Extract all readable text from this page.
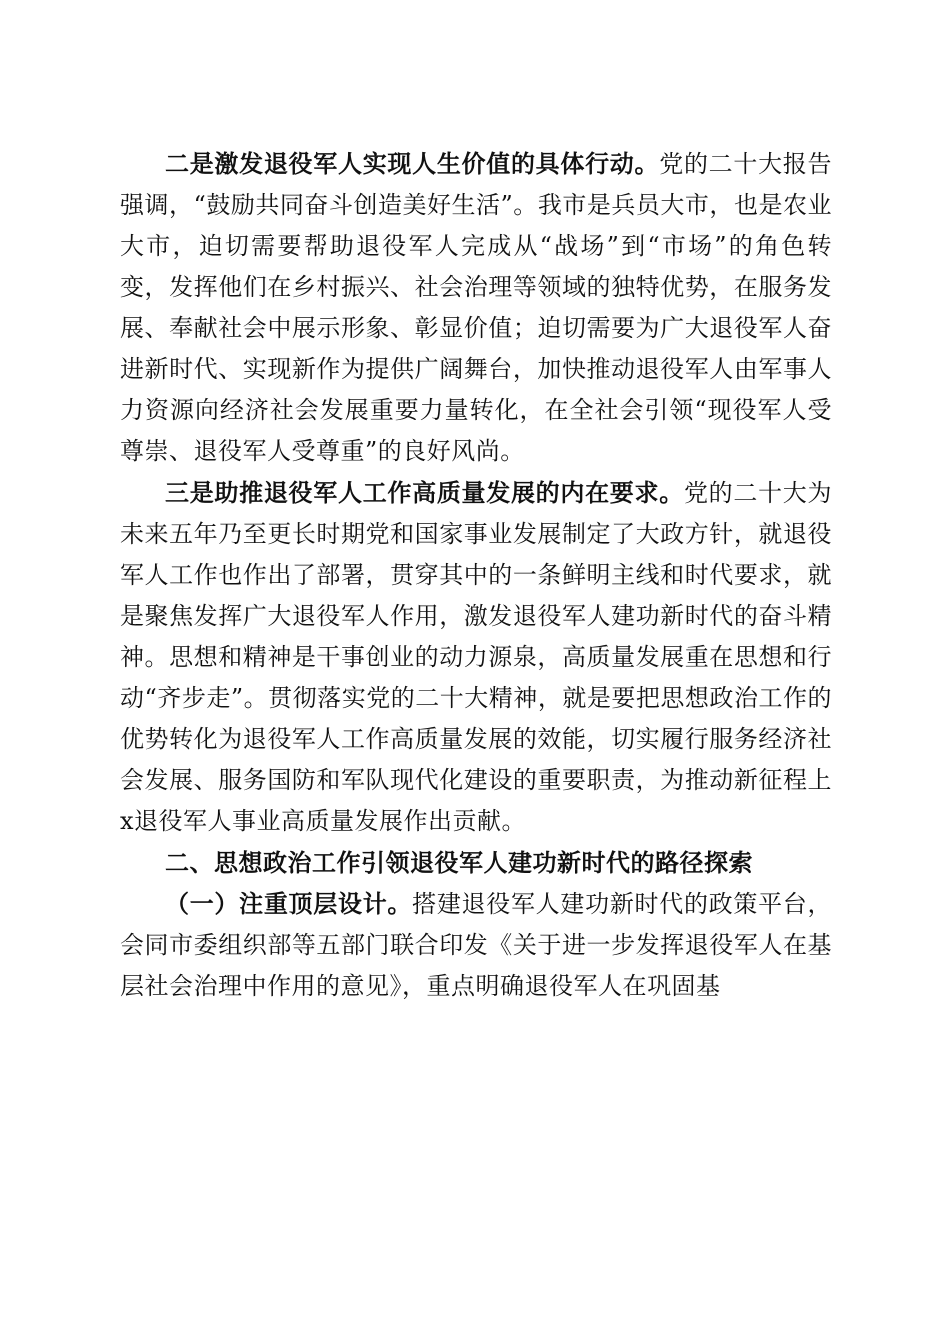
二是激发退役军人实现人生价值的具体行动。党的二十大报告强调，“鼓励共同奋斗创造美好生活”。我市是兵员大市，也是农业大市，迫切需要帮助退役军人完成从“战场”到“市场”的角色转变，发挥他们在乡村振兴、社会治理等领域的独特优势，在服务发展、奉献社会中展示形象、彰显价值；迫切需要为广大退役军人奋进新时代、实现新作为提供广阔舞台，加快推动退役军人由军事人力资源向经济社会发展重要力量转化，在全社会引领“现役军人受尊崇、退役军人受尊重”的良好风尚。

三是助推退役军人工作高质量发展的内在要求。党的二十大为未来五年乃至更长时期党和国家事业发展制定了大政方针，就退役军人工作也作出了部署，贯穿其中的一条鲜明主线和时代要求，就是聚焦发挥广大退役军人作用，激发退役军人建功新时代的奋斗精神。思想和精神是干事创业的动力源泉，高质量发展重在思想和行动“齐步走”。贯彻落实党的二十大精神，就是要把思想政治工作的优势转化为退役军人工作高质量发展的效能，切实履行服务经济社会发展、服务国防和军队现代化建设的重要职责，为推动新征程上x退役军人事业高质量发展作出贡献。

二、思想政治工作引领退役军人建功新时代的路径探索

（一）注重顶层设计。搭建退役军人建功新时代的政策平台，会同市委组织部等五部门联合印发《关于进一步发挥退役军人在基层社会治理中作用的意见》，重点明确退役军人在巩固基
